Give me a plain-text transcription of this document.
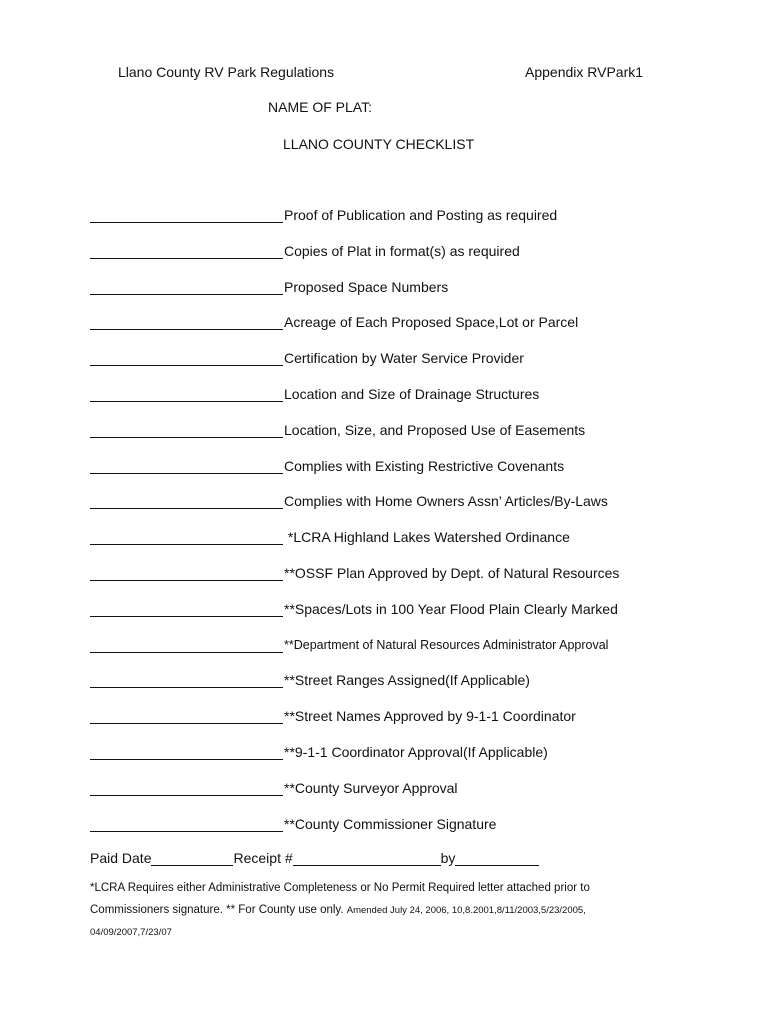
Llano County RV Park Regulations	Appendix RVPark1
NAME OF PLAT:
LLANO COUNTY CHECKLIST
Proof of Publication and Posting as required
Copies of Plat in format(s) as required
Proposed Space Numbers
Acreage of Each Proposed Space,Lot or Parcel
Certification by Water Service Provider
Location and Size of Drainage Structures
Location, Size, and Proposed Use of Easements
Complies with Existing Restrictive Covenants
Complies with Home Owners Assn’ Articles/By-Laws
*LCRA Highland Lakes Watershed Ordinance
**OSSF Plan Approved by Dept. of Natural Resources
**Spaces/Lots in 100 Year Flood Plain Clearly Marked
**Department of Natural Resources Administrator Approval
**Street Ranges Assigned(If Applicable)
**Street Names Approved by 9-1-1 Coordinator
**9-1-1 Coordinator Approval(If Applicable)
**County Surveyor Approval
**County Commissioner Signature
Paid Date	Receipt #	by
*LCRA Requires either Administrative Completeness or No Permit Required letter attached prior to
Commissioners signature. ** For County use only. Amended July 24, 2006, 10,8.2001,8/11/2003,5/23/2005,
04/09/2007,7/23/07
